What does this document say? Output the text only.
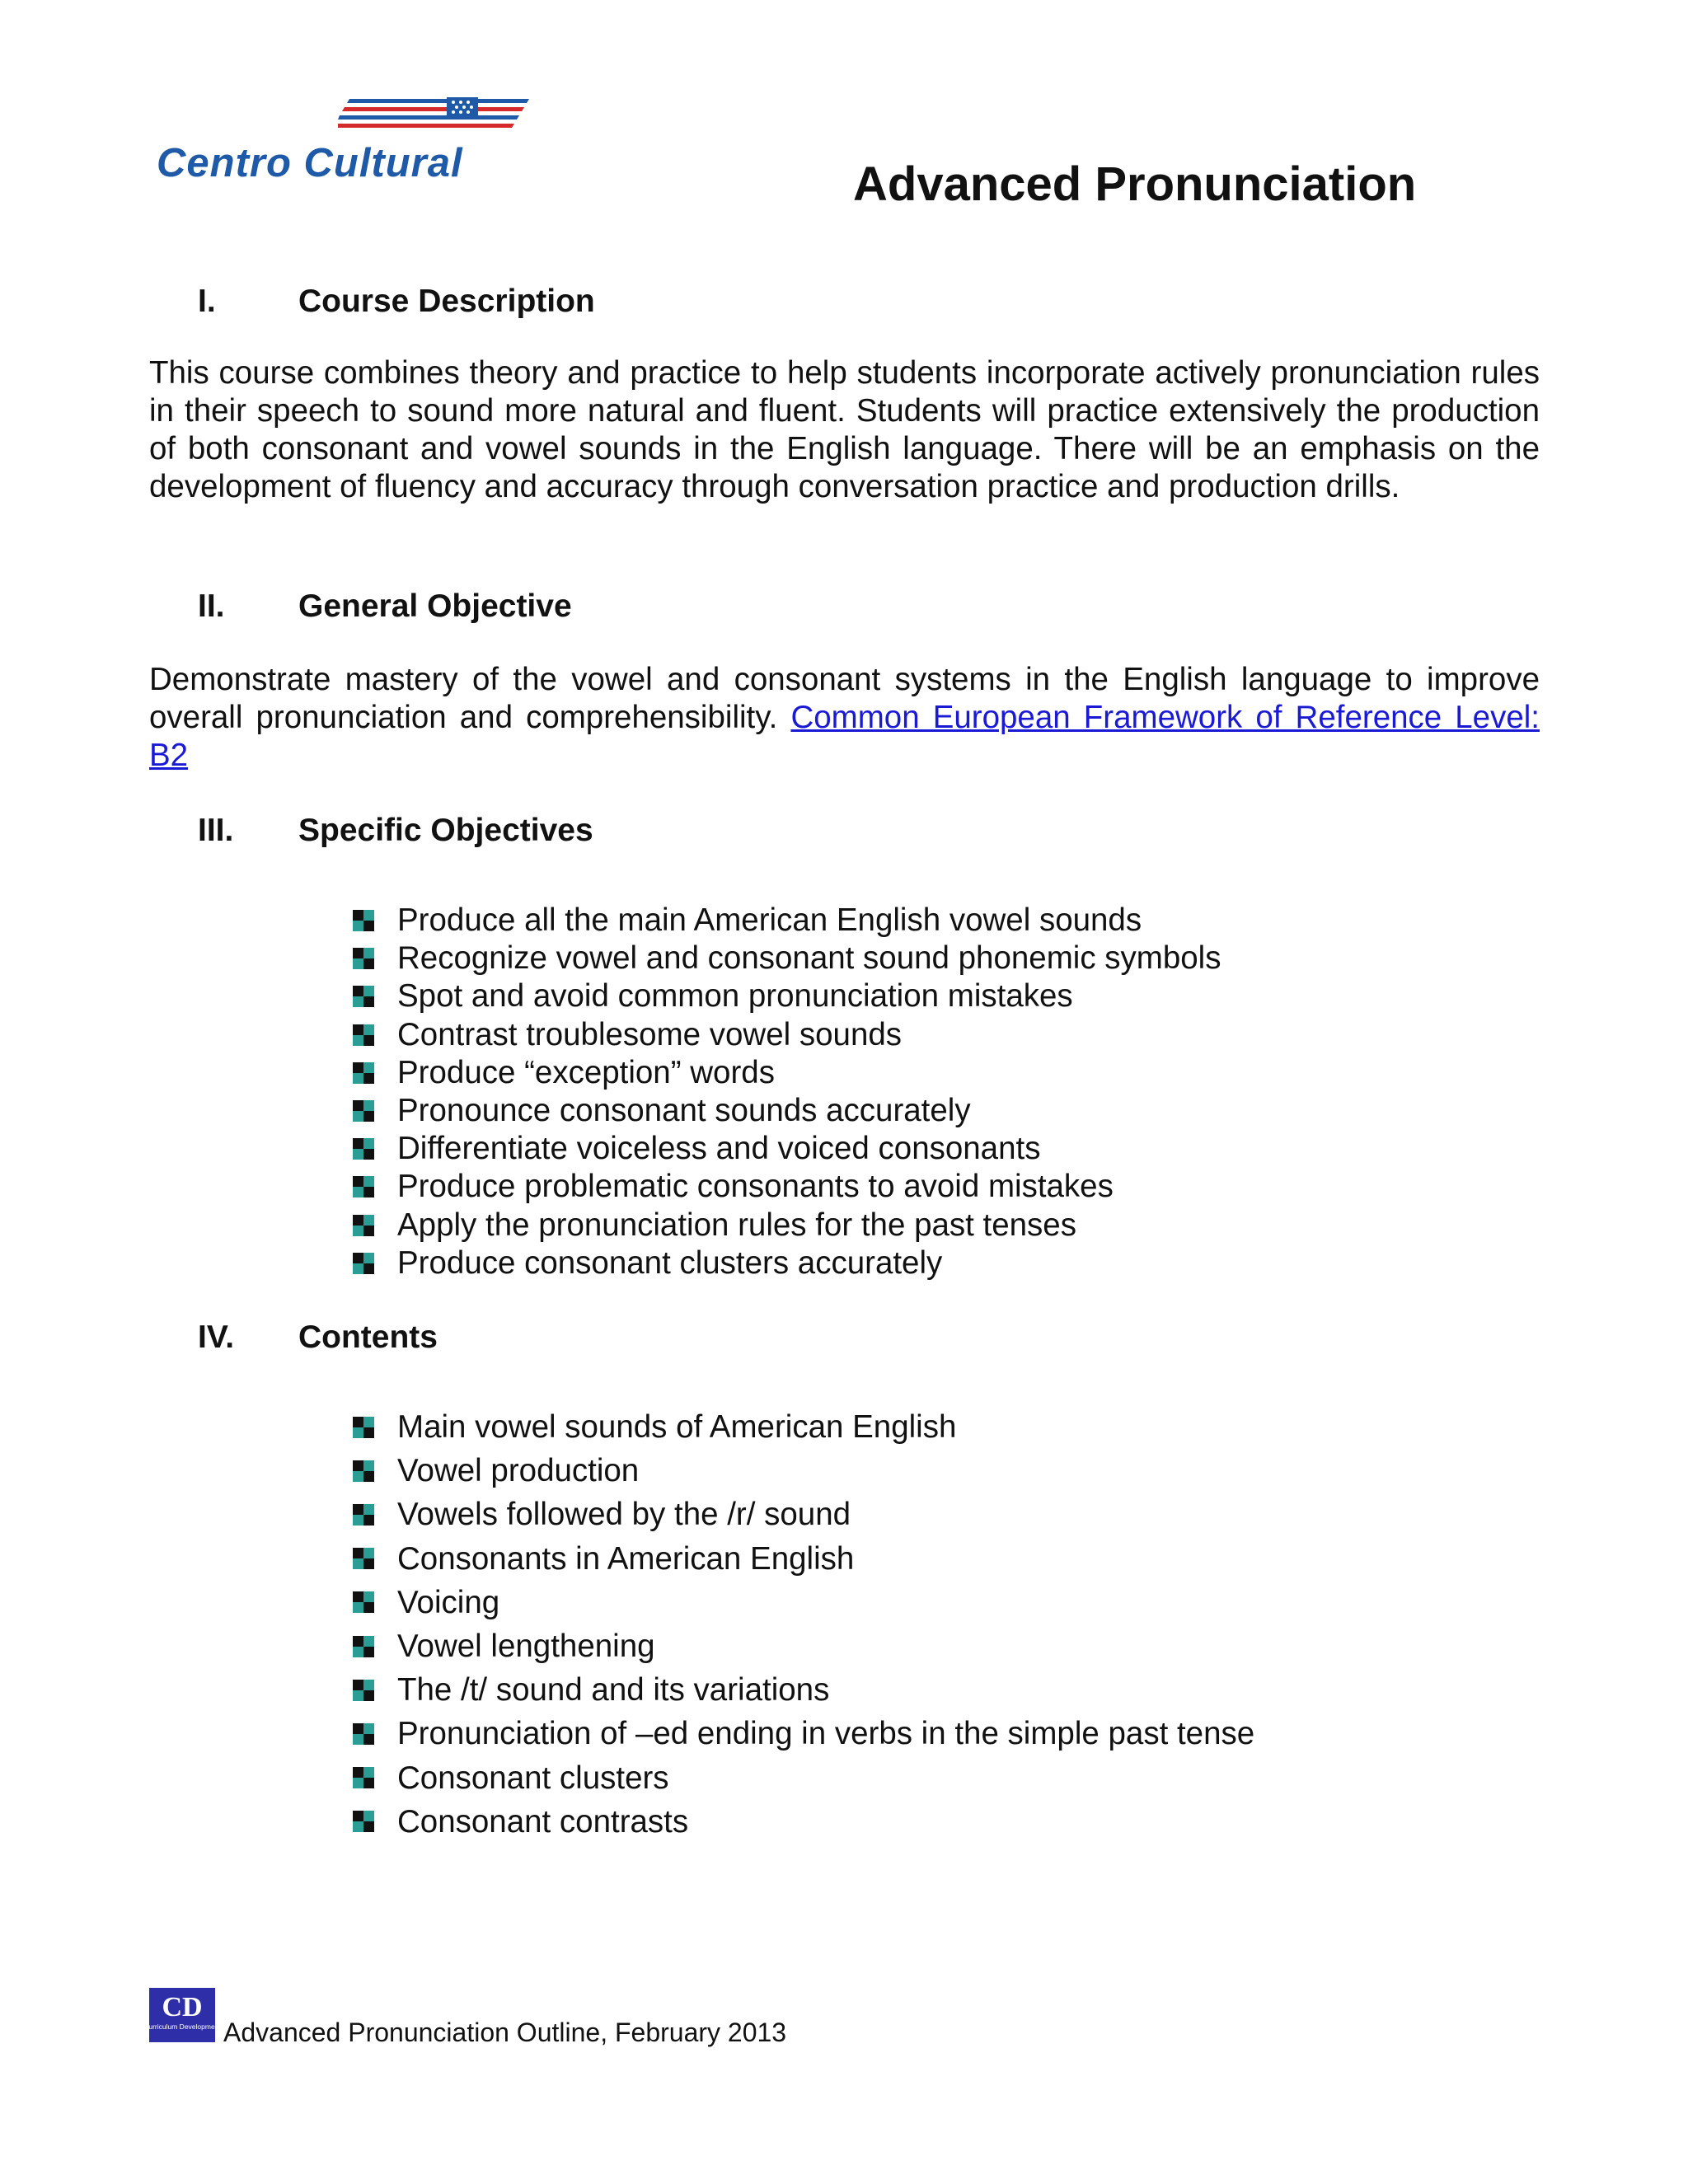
Centro Cultural	Advanced Pronunciation
I.	Course Description
This course combines theory and practice to help students incorporate actively pronunciation rules in their speech to sound more natural and fluent. Students will practice extensively the production of both consonant and vowel sounds in the English language. There will be an emphasis on the development of fluency and accuracy through conversation practice and production drills.
II. General Objective
Demonstrate mastery of the vowel and consonant systems in the English language to improve overall pronunciation and comprehensibility. Common European Framework of Reference Level: B2
III. Specific Objectives
Produce all the main American English vowel sounds
Recognize vowel and consonant sound phonemic symbols
Spot and avoid common pronunciation mistakes
Contrast troublesome vowel sounds
Produce “exception” words
Pronounce consonant sounds accurately
Differentiate voiceless and voiced consonants
Produce problematic consonants to avoid mistakes
Apply the pronunciation rules for the past tenses
Produce consonant clusters accurately
IV. Contents
Main vowel sounds of American English
Vowel production
Vowels followed by the /r/ sound
Consonants in American English
Voicing
Vowel lengthening
The /t/ sound and its variations
Pronunciation of –ed ending in verbs in the simple past tense
Consonant clusters
Consonant contrasts
CD
Curriculum Development Advanced Pronunciation Outline, February 2013
